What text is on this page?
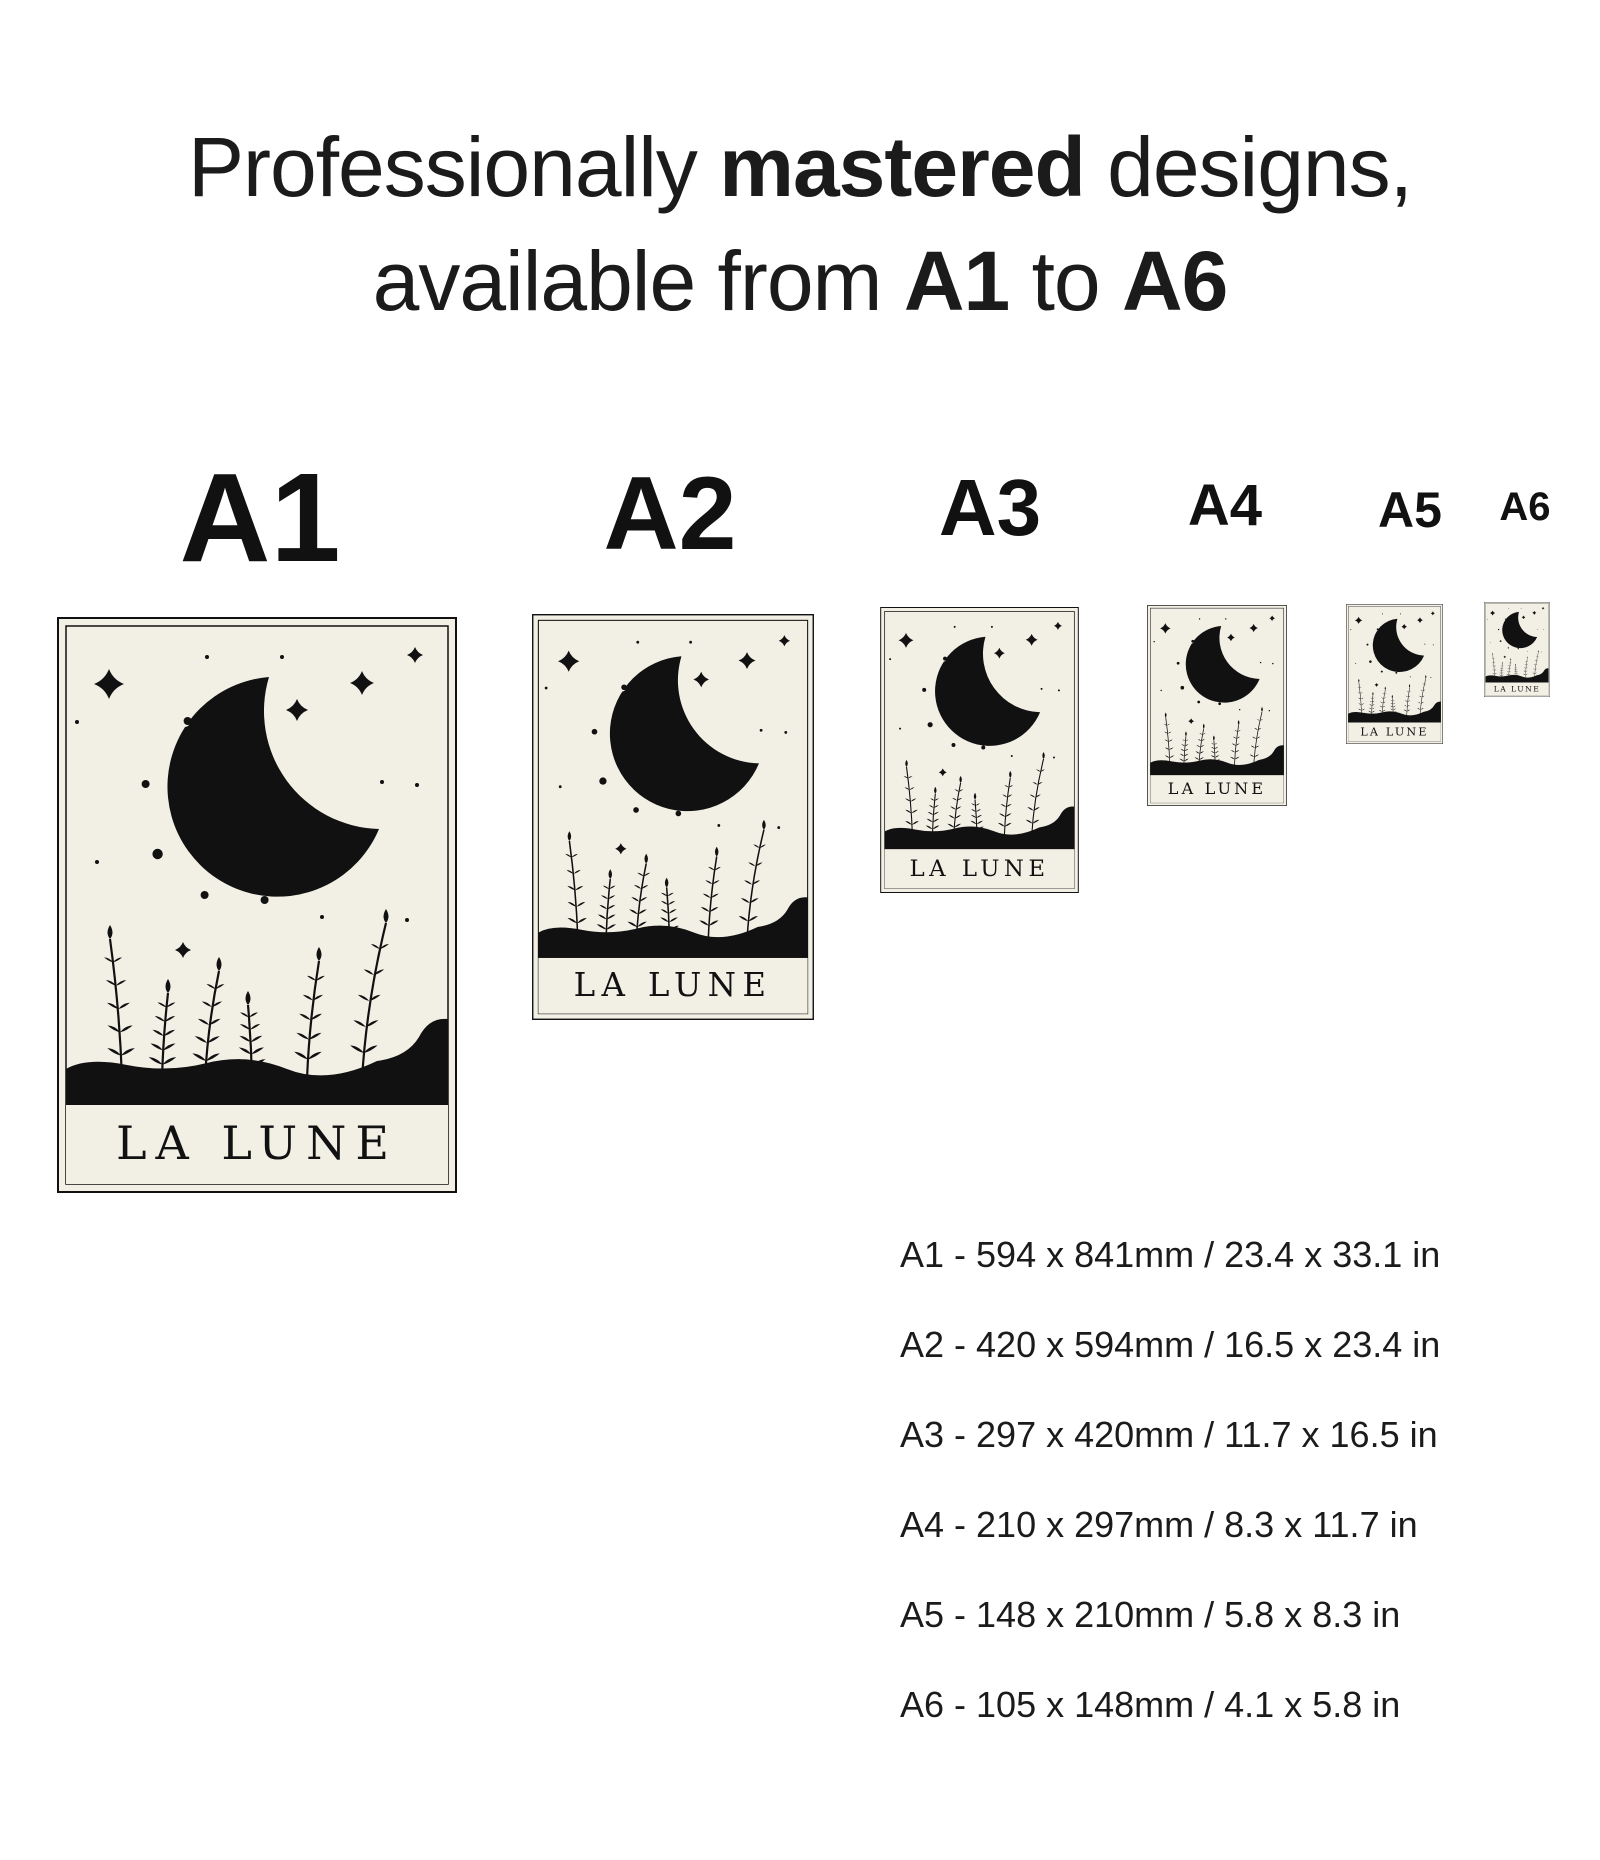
Professionally mastered designs,
available from A1 to A6
A1	A2	A3	A4	A5	A6
LA LUNE
LA LUNE
LA LUNE
LA LUNE
LA LUNE
LA LUNE
A1 - 594 x 841mm / 23.4 x 33.1 in
A2 - 420 x 594mm / 16.5 x 23.4 in
A3 - 297 x 420mm / 11.7 x 16.5 in
A4 - 210 x 297mm / 8.3 x 11.7 in
A5 - 148 x 210mm / 5.8 x 8.3 in
A6 - 105 x 148mm / 4.1 x 5.8 in
